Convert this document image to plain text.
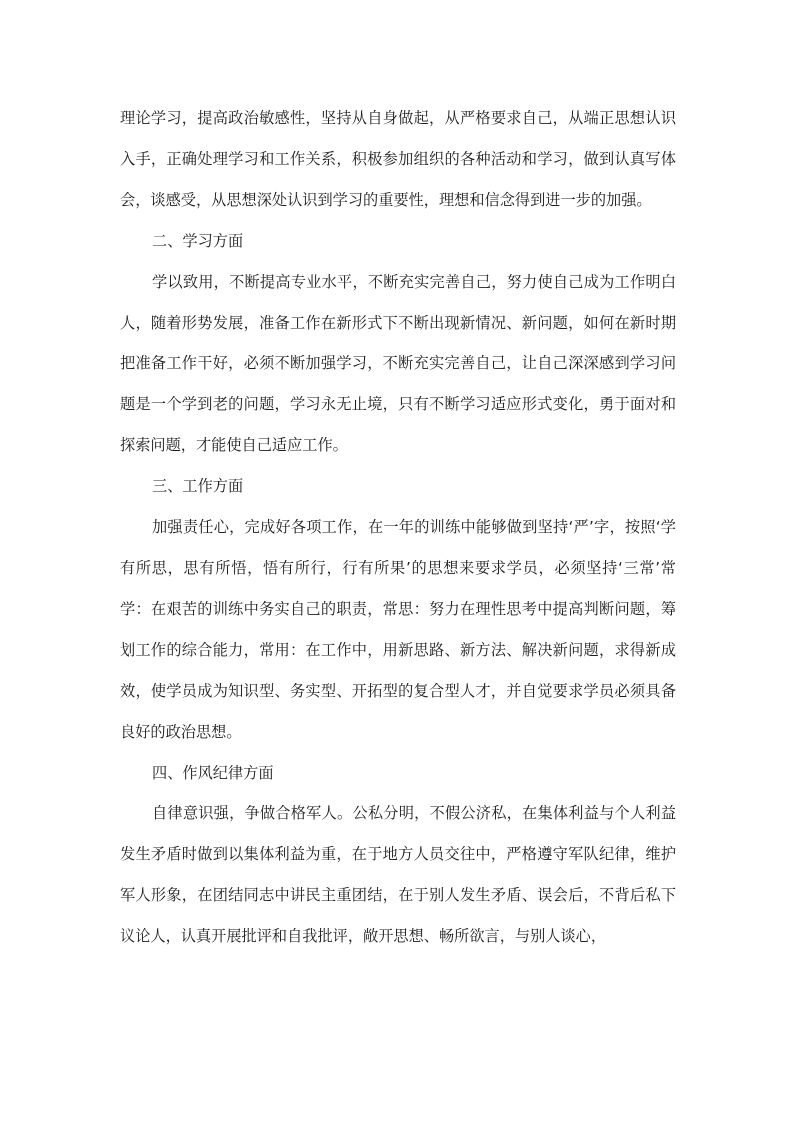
理论学习，提高政治敏感性，坚持从自身做起，从严格要求自己，从端正思想认识入手，正确处理学习和工作关系，积极参加组织的各种活动和学习，做到认真写体会，谈感受，从思想深处认识到学习的重要性，理想和信念得到进一步的加强。

二、学习方面

学以致用，不断提高专业水平，不断充实完善自己，努力使自己成为工作明白人，随着形势发展，准备工作在新形式下不断出现新情况、新问题，如何在新时期把准备工作干好，必须不断加强学习，不断充实完善自己，让自己深深感到学习问题是一个学到老的问题，学习永无止境，只有不断学习适应形式变化，勇于面对和探索问题，才能使自己适应工作。

三、工作方面

加强责任心，完成好各项工作，在一年的训练中能够做到坚持‘严’字，按照‘学有所思，思有所悟，悟有所行，行有所果’的思想来要求学员，必须坚持‘三常’常学：在艰苦的训练中务实自己的职责，常思：努力在理性思考中提高判断问题，筹划工作的综合能力，常用：在工作中，用新思路、新方法、解决新问题，求得新成效，使学员成为知识型、务实型、开拓型的复合型人才，并自觉要求学员必须具备良好的政治思想。

四、作风纪律方面

自律意识强，争做合格军人。公私分明，不假公济私，在集体利益与个人利益发生矛盾时做到以集体利益为重，在于地方人员交往中，严格遵守军队纪律，维护军人形象，在团结同志中讲民主重团结，在于别人发生矛盾、误会后，不背后私下议论人，认真开展批评和自我批评，敞开思想、畅所欲言，与别人谈心，
